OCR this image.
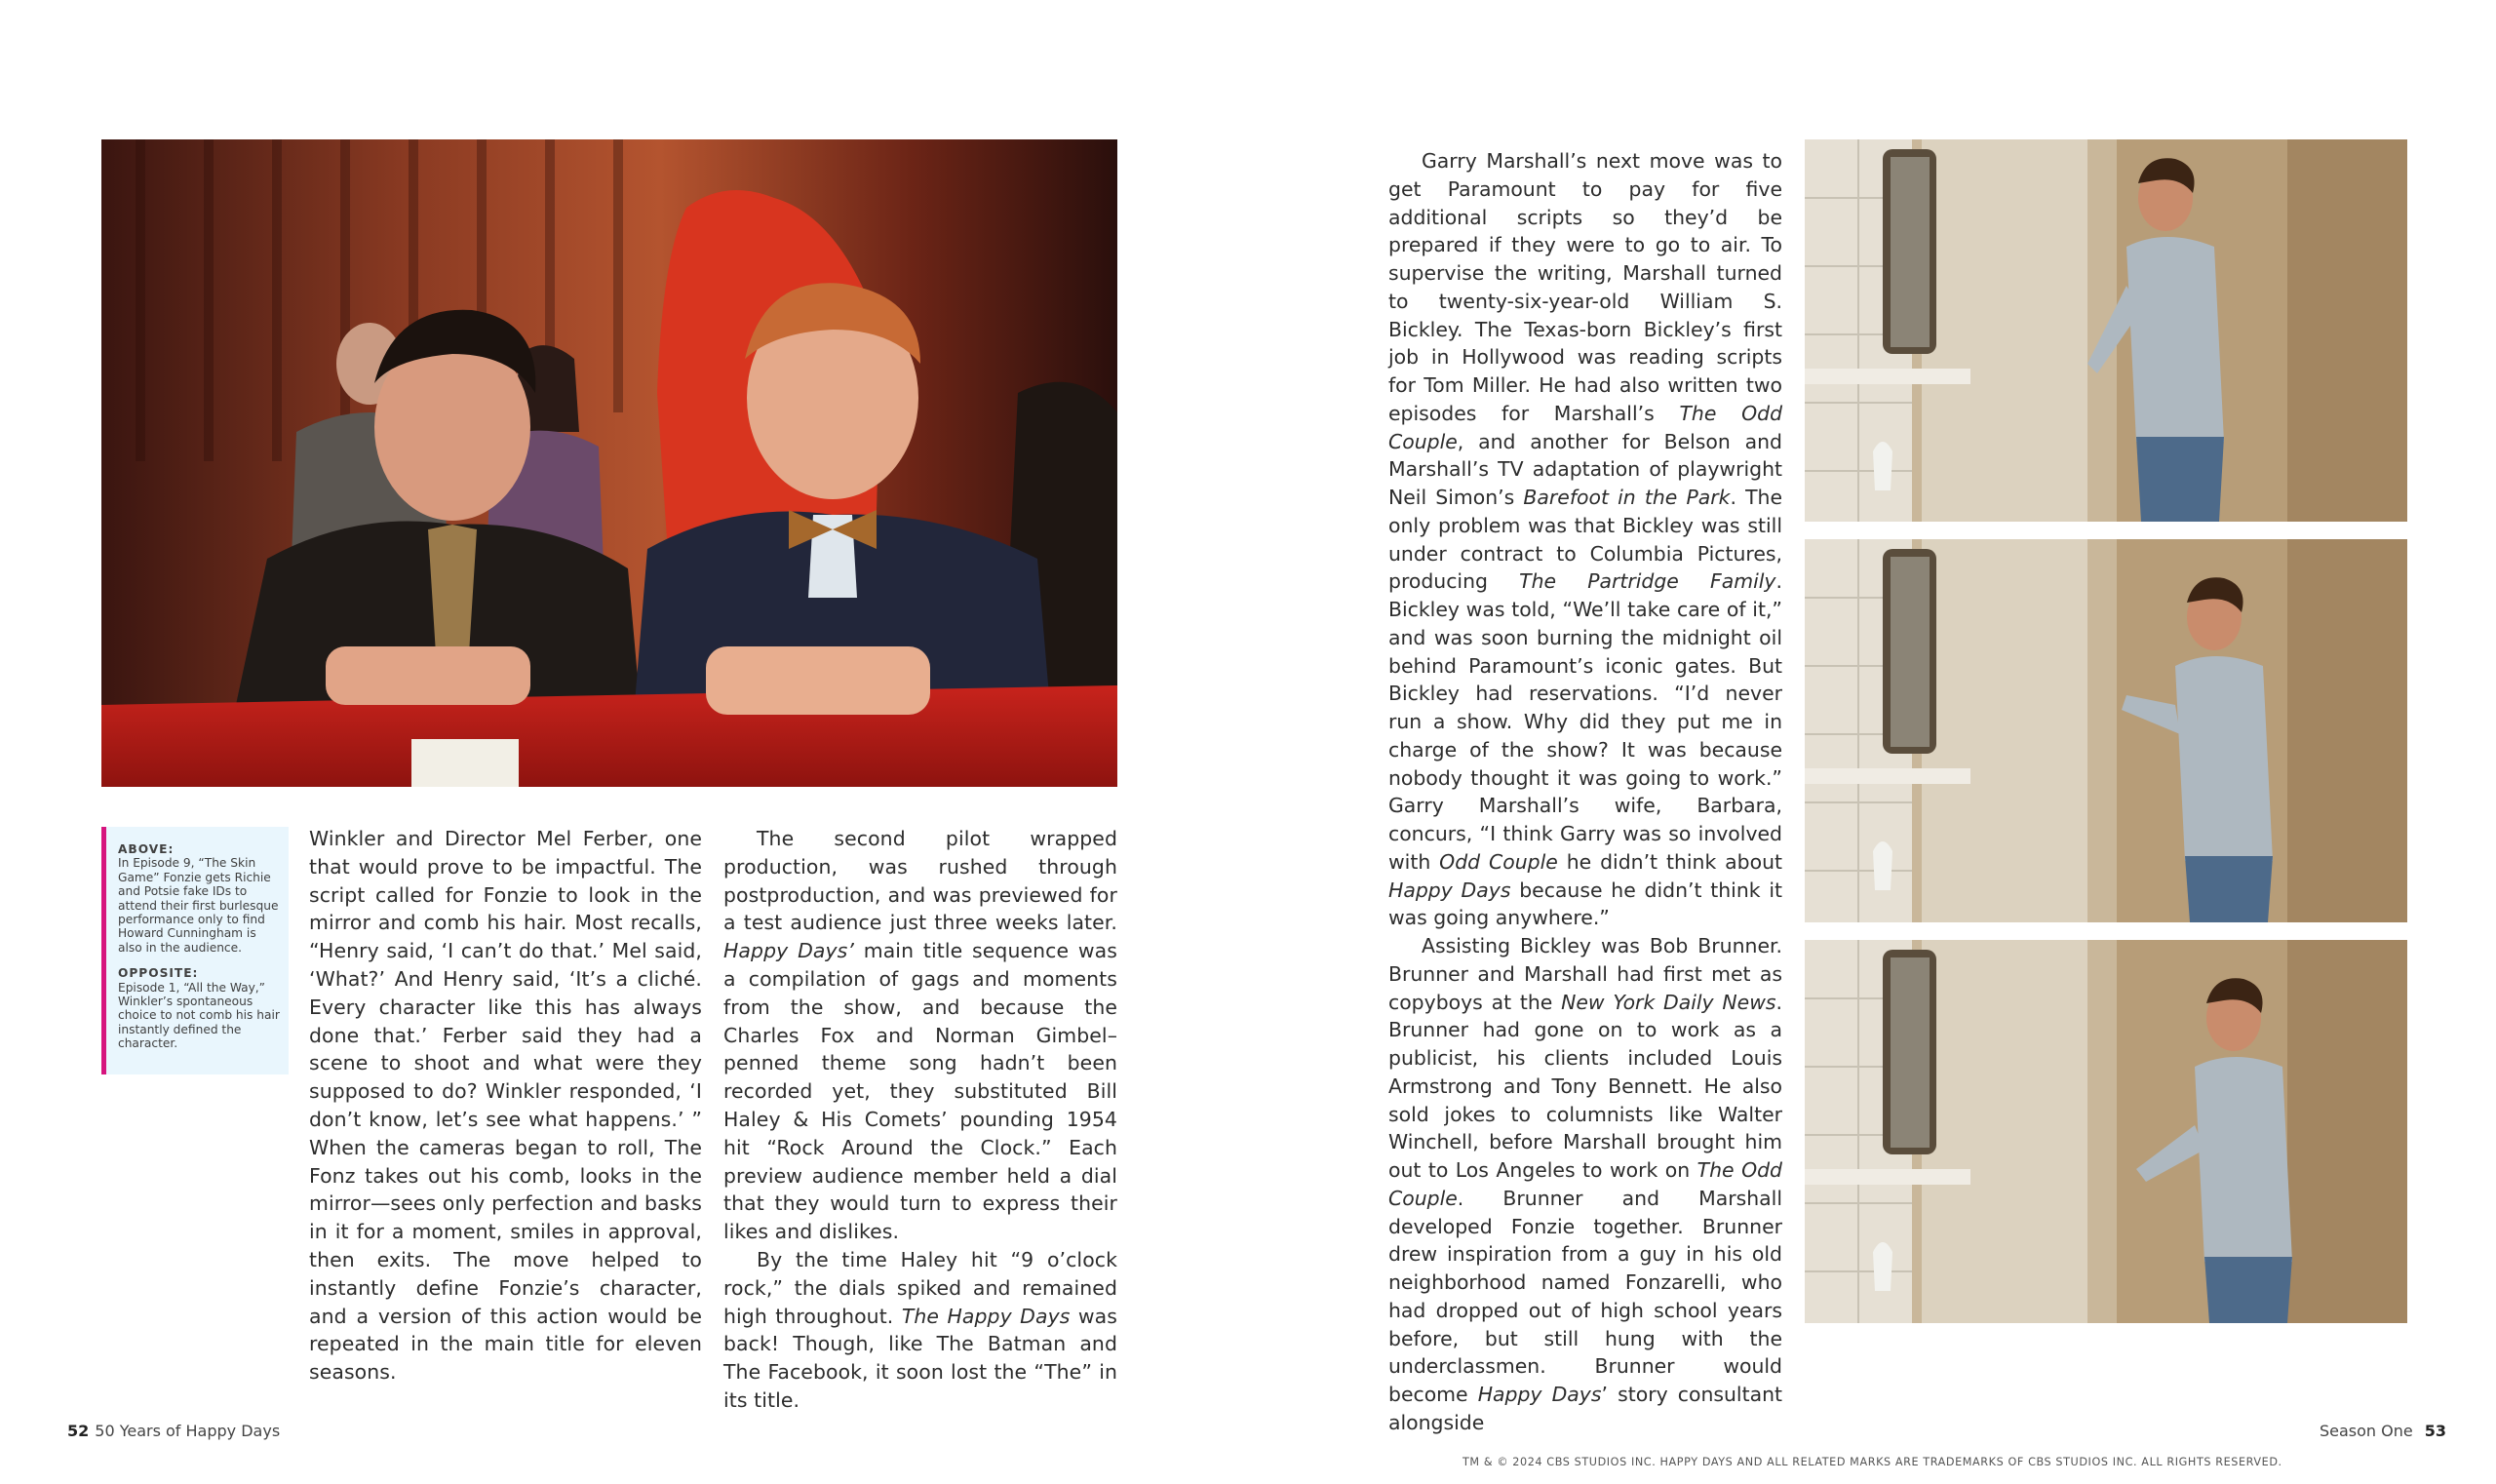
ABOVE:
In Episode 9, “The Skin Game” Fonzie gets Richie and Potsie fake IDs to attend their first burlesque performance only to find Howard Cunningham is also in the audience.
OPPOSITE:
Episode 1, “All the Way,” Winkler’s spontaneous choice to not comb his hair instantly defined the character.

Winkler and Director Mel Ferber, one that would prove to be impactful. The script called for Fonzie to look in the mirror and comb his hair. Most recalls, “Henry said, ‘I can’t do that.’ Mel said, ‘What?’ And Henry said, ‘It’s a cliché. Every character like this has always done that.’ Ferber said they had a scene to shoot and what were they supposed to do? Winkler responded, ‘I don’t know, let’s see what happens.’ ” When the cameras began to roll, The Fonz takes out his comb, looks in the mirror—sees only perfection and basks in it for a moment, smiles in approval, then exits. The move helped to instantly define Fonzie’s character, and a version of this action would be repeated in the main title for eleven seasons.

The second pilot wrapped production, was rushed through postproduction, and was previewed for a test audience just three weeks later. Happy Days’ main title sequence was a compilation of gags and moments from the show, and because the Charles Fox and Norman Gimbel–penned theme song hadn’t been recorded yet, they substituted Bill Haley & His Comets’ pounding 1954 hit “Rock Around the Clock.” Each preview audience member held a dial that they would turn to express their likes and dislikes.

By the time Haley hit “9 o’clock rock,” the dials spiked and remained high throughout. The Happy Days was back! Though, like The Batman and The Facebook, it soon lost the “The” in its title.

Garry Marshall’s next move was to get Paramount to pay for five additional scripts so they’d be prepared if they were to go to air. To supervise the writing, Marshall turned to twenty-six-year-old William S. Bickley. The Texas-born Bickley’s first job in Hollywood was reading scripts for Tom Miller. He had also written two episodes for Marshall’s The Odd Couple, and another for Belson and Marshall’s TV adaptation of playwright Neil Simon’s Barefoot in the Park. The only problem was that Bickley was still under contract to Columbia Pictures, producing The Partridge Family. Bickley was told, “We’ll take care of it,” and was soon burning the midnight oil behind Paramount’s iconic gates. But Bickley had reservations. “I’d never run a show. Why did they put me in charge of the show? It was because nobody thought it was going to work.” Garry Marshall’s wife, Barbara, concurs, “I think Garry was so involved with Odd Couple he didn’t think about Happy Days because he didn’t think it was going anywhere.”

Assisting Bickley was Bob Brunner. Brunner and Marshall had first met as copyboys at the New York Daily News. Brunner had gone on to work as a publicist, his clients included Louis Armstrong and Tony Bennett. He also sold jokes to columnists like Walter Winchell, before Marshall brought him out to Los Angeles to work on The Odd Couple. Brunner and Marshall developed Fonzie together. Brunner drew inspiration from a guy in his old neighborhood named Fonzarelli, who had dropped out of high school years before, but still hung with the underclassmen. Brunner would become Happy Days’ story consultant alongside

52 50 Years of Happy Days	Season One 53
TM & © 2024 CBS STUDIOS INC. HAPPY DAYS AND ALL RELATED MARKS ARE TRADEMARKS OF CBS STUDIOS INC. ALL RIGHTS RESERVED.
